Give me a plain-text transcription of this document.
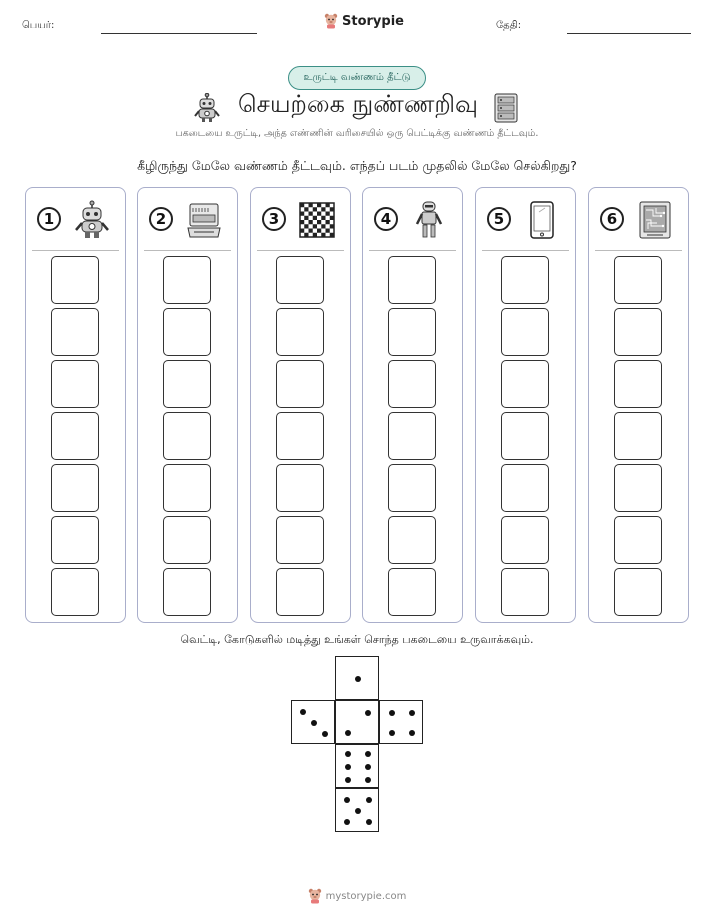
பெயர்:	Storypie	தேதி:
உருட்டி வண்ணம் தீட்டு
செயற்கை நுண்ணறிவு
பகடையை உருட்டி, அந்த எண்ணின் வரிசையில் ஒரு பெட்டிக்கு வண்ணம் தீட்டவும்.
கீழிருந்து மேலே வண்ணம் தீட்டவும். எந்தப் படம் முதலில் மேலே செல்கிறது?
1	2	3	4	5	6
வெட்டி, கோடுகளில் மடித்து உங்கள் சொந்த பகடையை உருவாக்கவும்.
mystorypie.com
